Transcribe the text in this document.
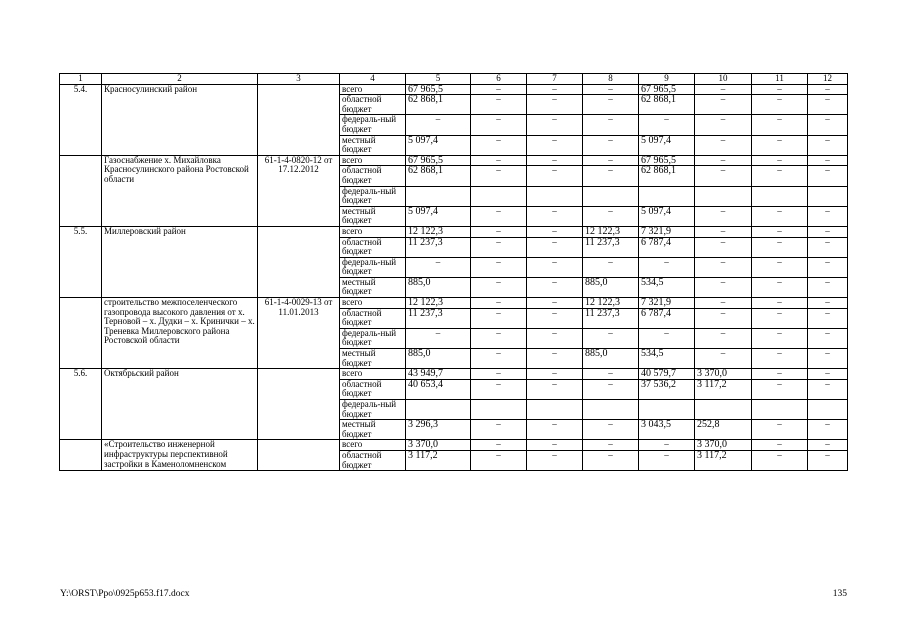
1	2	3	4	5	6	7	8	9	10	11	12
5.4.	Красносулинский район		всего	67 965,5	–	–	–	67 965,5	–	–	–
			областной бюджет	62 868,1	–	–	–	62 868,1	–	–	–
			федераль-ный бюджет	–	–	–	–	–	–	–	–
			местный бюджет	5 097,4	–	–	–	5 097,4	–	–	–
	Газоснабжение х. Михайловка Красносулинского района Ростовской области	61-1-4-0820-12 от 17.12.2012	всего	67 965,5	–	–	–	67 965,5	–	–	–
			областной бюджет	62 868,1	–	–	–	62 868,1	–	–	–
			федераль-ный бюджет								
			местный бюджет	5 097,4	–	–	–	5 097,4	–	–	–
5.5.	Миллеровский район		всего	12 122,3	–	–	12 122,3	7 321,9	–	–	–
			областной бюджет	11 237,3	–	–	11 237,3	6 787,4	–	–	–
			федераль-ный бюджет	–	–	–	–	–	–	–	–
			местный бюджет	885,0	–	–	885,0	534,5	–	–	–
	строительство межпоселенческого газопровода высокого давления от х. Терновой – х. Дудки – х. Кринички – х. Треневка Миллеровского района Ростовской области	61-1-4-0029-13 от 11.01.2013	всего	12 122,3	–	–	12 122,3	7 321,9	–	–	–
			областной бюджет	11 237,3	–	–	11 237,3	6 787,4	–	–	–
			федераль-ный бюджет	–	–	–	–	–	–	–	–
			местный бюджет	885,0	–	–	885,0	534,5	–	–	–
5.6.	Октябрьский район		всего	43 949,7	–	–	–	40 579,7	3 370,0	–	–
			областной бюджет	40 653,4	–	–	–	37 536,2	3 117,2	–	–
			федераль-ный бюджет								
			местный бюджет	3 296,3	–	–	–	3 043,5	252,8	–	–
	«Строительство инженерной инфраструктуры перспективной застройки в Каменоломненском		всего	3 370,0	–	–	–	–	3 370,0	–	–
			областной бюджет	3 117,2	–	–	–	–	3 117,2	–	–
Y:\ORST\Ppo\0925p653.f17.docx	135
